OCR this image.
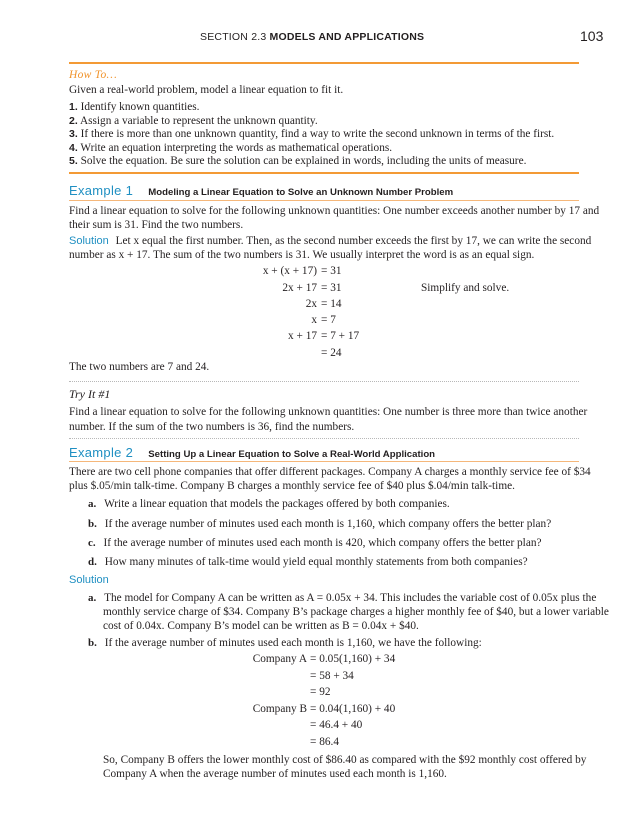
SECTION 2.3 MODELS AND APPLICATIONS	103
How To…
Given a real-world problem, model a linear equation to fit it.
1. Identify known quantities.
2. Assign a variable to represent the unknown quantity.
3. If there is more than one unknown quantity, find a way to write the second unknown in terms of the first.
4. Write an equation interpreting the words as mathematical operations.
5. Solve the equation. Be sure the solution can be explained in words, including the units of measure.
Example 1 Modeling a Linear Equation to Solve an Unknown Number Problem
Find a linear equation to solve for the following unknown quantities: One number exceeds another number by 17 and
their sum is 31. Find the two numbers.
Solution Let x equal the first number. Then, as the second number exceeds the first by 17, we can write the second
number as x + 17. The sum of the two numbers is 31. We usually interpret the word is as an equal sign.
x + (x + 17) = 31
2x + 17 = 31	Simplify and solve.
2x = 14
x = 7
x + 17 = 7 + 17
= 24
The two numbers are 7 and 24.
Try It #1
Find a linear equation to solve for the following unknown quantities: One number is three more than twice another
number. If the sum of the two numbers is 36, find the numbers.
Example 2 Setting Up a Linear Equation to Solve a Real-World Application
There are two cell phone companies that offer different packages. Company A charges a monthly service fee of $34
plus $.05/min talk-time. Company B charges a monthly service fee of $40 plus $.04/min talk-time.
a. Write a linear equation that models the packages offered by both companies.
b. If the average number of minutes used each month is 1,160, which company offers the better plan?
c. If the average number of minutes used each month is 420, which company offers the better plan?
d. How many minutes of talk-time would yield equal monthly statements from both companies?
Solution
a. The model for Company A can be written as A = 0.05x + 34. This includes the variable cost of 0.05x plus the
monthly service charge of $34. Company B’s package charges a higher monthly fee of $40, but a lower variable
cost of 0.04x. Company B’s model can be written as B = 0.04x + $40.
b. If the average number of minutes used each month is 1,160, we have the following:
Company A = 0.05(1,160) + 34
= 58 + 34
= 92
Company B = 0.04(1,160) + 40
= 46.4 + 40
= 86.4
So, Company B offers the lower monthly cost of $86.40 as compared with the $92 monthly cost offered by
Company A when the average number of minutes used each month is 1,160.
